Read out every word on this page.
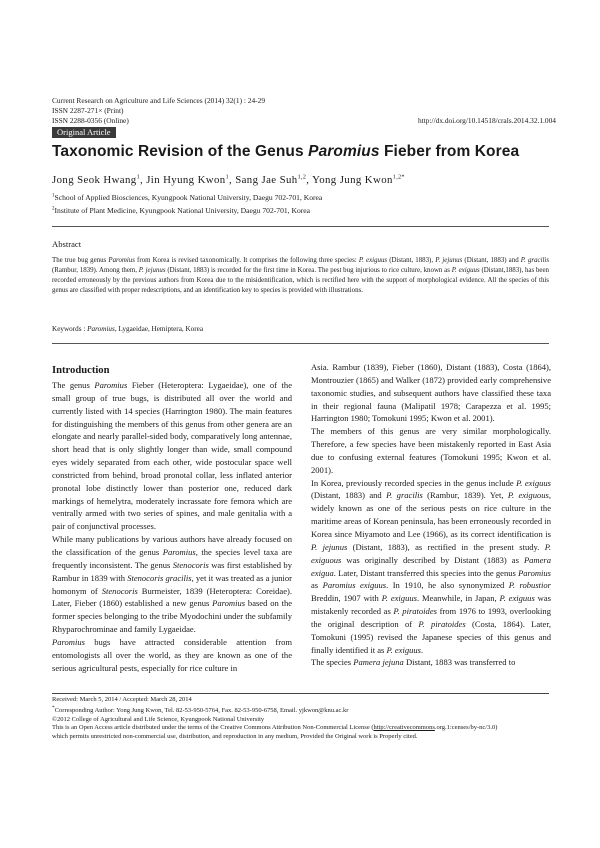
Current Research on Agriculture and Life Sciences (2014) 32(1) : 24-29
ISSN 2287-271× (Print)
ISSN 2288-0356 (Online)	http://dx.doi.org/10.14518/crals.2014.32.1.004
Original Article
Taxonomic Revision of the Genus Paromius Fieber from Korea
Jong Seok Hwang$^1$, Jin Hyung Kwon$^1$, Sang Jae Suh$^{1,2}$, Yong Jung Kwon$^{1,2*}$
$^1$School of Applied Biosciences, Kyungpook National University, Daegu 702-701, Korea
$^2$Institute of Plant Medicine, Kyungpook National University, Daegu 702-701, Korea
Abstract
The true bug genus Paromius from Korea is revised taxonomically. It comprises the following three species: P. exiguus (Distant, 1883), P. jejunus (Distant, 1883) and P. gracilis (Rambur, 1839). Among them, P. jejunus (Distant, 1883) is recorded for the first time in Korea. The pest bug injurious to rice culture, known as P. exiguus (Distant,1883), has been recorded erroneously by the previous authors from Korea due to the misidentification, which is rectified here with the support of morphological evidence. All the species of this genus are classified with proper redescriptions, and an identification key to species is provided with illustrations.
Keywords : Paromius, Lygaeidae, Hemiptera, Korea
Introduction

The genus Paromius Fieber (Heteroptera: Lygaeidae), one of the small group of true bugs, is distributed all over the world and currently listed with 14 species (Harrington 1980). The main features for distinguishing the members of this genus from other genera are an elongate and nearly parallel-sided body, comparatively long antennae, short head that is only slightly longer than wide, small compound eyes widely separated from each other, wide postocular space well constricted from behind, broad pronotal collar, less inflated anterior pronotal lobe distinctly lower than posterior one, reduced dark markings of hemelytra, moderately incrassate fore femora which are ventrally armed with two series of spines, and male genitalia with a pair of conjunctival processes.

While many publications by various authors have already focused on the classification of the genus Paromius, the species level taxa are frequently inconsistent. The genus Stenocoris was first established by Rambur in 1839 with Stenocoris gracilis, yet it was treated as a junior homonym of Stenocoris Burmeister, 1839 (Heteroptera: Coreidae). Later, Fieber (1860) established a new genus Paromius based on the former species belonging to the tribe Myodochini under the subfamily Rhyparochrominae and family Lygaeidae.

Paromius bugs have attracted considerable attention from entomologists all over the world, as they are known as one of the serious agricultural pests, especially for rice culture in

Asia. Rambur (1839), Fieber (1860), Distant (1883), Costa (1864), Montrouzier (1865) and Walker (1872) provided early comprehensive taxonomic studies, and subsequent authors have classified these taxa in their regional fauna (Malipatil 1978; Carapezza et al. 1995; Harrington 1980; Tomokuni 1995; Kwon et al. 2001).

The members of this genus are very similar morphologically. Therefore, a few species have been mistakenly reported in East Asia due to confusing external features (Tomokuni 1995; Kwon et al. 2001).

In Korea, previously recorded species in the genus include P. exiguus (Distant, 1883) and P. gracilis (Rambur, 1839). Yet, P. exiguous, widely known as one of the serious pests on rice culture in the maritime areas of Korean peninsula, has been erroneously recorded in Korea since Miyamoto and Lee (1966), as its correct identification is P. jejunus (Distant, 1883), as rectified in the present study. P. exiguous was originally described by Distant (1883) as Pamera exigua. Later, Distant transferred this species into the genus Paromius as Paromius exiguus. In 1910, he also synonymized P. robustior Breddin, 1907 with P. exiguus. Meanwhile, in Japan, P. exiguus was mistakenly recorded as P. piratoides from 1976 to 1993, overlooking the original description of P. piratoides (Costa, 1864). Later, Tomokuni (1995) revised the Japanese species of this genus and finally identified it as P. exiguus.

The species Pamera jejuna Distant, 1883 was transferred to

Received: March 5, 2014 / Accepted: March 28, 2014
*Corresponding Author: Yong Jung Kwon, Tel. 82-53-950-5764, Fax. 82-53-950-6758, Email. yjkwon@knu.ac.kr
©2012 College of Agricultural and Life Science, Kyungpook National University
This is an Open Access article distributed under the terms of the Creative Commons Attribution Non-Commercial License (http://creativecommons.org.1:censes/by-nc/3.0)
which permits unrestricted non-commercial use, distribution, and reproduction in any medium, Provided the Original work is Properly cited.
